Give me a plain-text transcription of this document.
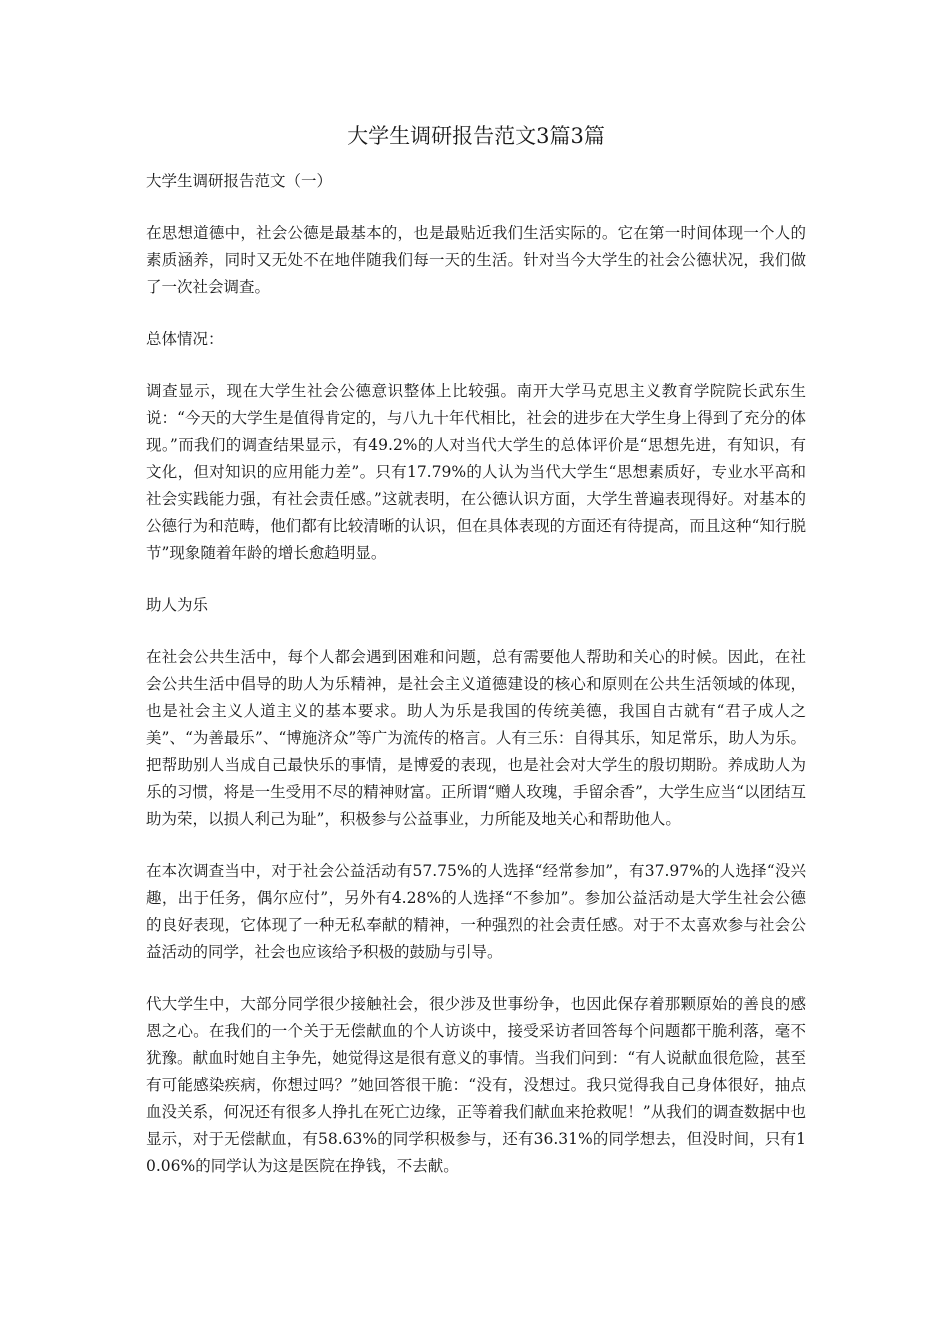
大学生调研报告范文3篇3篇

大学生调研报告范文（一）

在思想道德中，社会公德是最基本的，也是最贴近我们生活实际的。它在第一时间体现一个人的素质涵养，同时又无处不在地伴随我们每一天的生活。针对当今大学生的社会公德状况，我们做了一次社会调查。

总体情况：

调查显示，现在大学生社会公德意识整体上比较强。南开大学马克思主义教育学院院长武东生说：“今天的大学生是值得肯定的，与八九十年代相比，社会的进步在大学生身上得到了充分的体现。”而我们的调查结果显示，有49.2%的人对当代大学生的总体评价是“思想先进，有知识，有文化，但对知识的应用能力差”。只有17.79%的人认为当代大学生“思想素质好，专业水平高和社会实践能力强，有社会责任感。”这就表明，在公德认识方面，大学生普遍表现得好。对基本的公德行为和范畴，他们都有比较清晰的认识，但在具体表现的方面还有待提高，而且这种“知行脱节”现象随着年龄的增长愈趋明显。

助人为乐

在社会公共生活中，每个人都会遇到困难和问题，总有需要他人帮助和关心的时候。因此，在社会公共生活中倡导的助人为乐精神，是社会主义道德建设的核心和原则在公共生活领域的体现，也是社会主义人道主义的基本要求。助人为乐是我国的传统美德，我国自古就有“君子成人之美”、“为善最乐”、“博施济众”等广为流传的格言。人有三乐：自得其乐，知足常乐，助人为乐。把帮助别人当成自己最快乐的事情，是博爱的表现，也是社会对大学生的殷切期盼。养成助人为乐的习惯，将是一生受用不尽的精神财富。正所谓“赠人玫瑰，手留余香”，大学生应当“以团结互助为荣，以损人利己为耻”，积极参与公益事业，力所能及地关心和帮助他人。

在本次调查当中，对于社会公益活动有57.75%的人选择“经常参加”，有37.97%的人选择“没兴趣，出于任务，偶尔应付”，另外有4.28%的人选择“不参加”。参加公益活动是大学生社会公德的良好表现，它体现了一种无私奉献的精神，一种强烈的社会责任感。对于不太喜欢参与社会公益活动的同学，社会也应该给予积极的鼓励与引导。

代大学生中，大部分同学很少接触社会，很少涉及世事纷争，也因此保存着那颗原始的善良的感恩之心。在我们的一个关于无偿献血的个人访谈中，接受采访者回答每个问题都干脆利落，毫不犹豫。献血时她自主争先，她觉得这是很有意义的事情。当我们问到：“有人说献血很危险，甚至有可能感染疾病，你想过吗？”她回答很干脆：“没有，没想过。我只觉得我自己身体很好，抽点血没关系，何况还有很多人挣扎在死亡边缘，正等着我们献血来抢救呢！”从我们的调查数据中也显示，对于无偿献血，有58.63%的同学积极参与，还有36.31%的同学想去，但没时间，只有10.06%的同学认为这是医院在挣钱，不去献。
